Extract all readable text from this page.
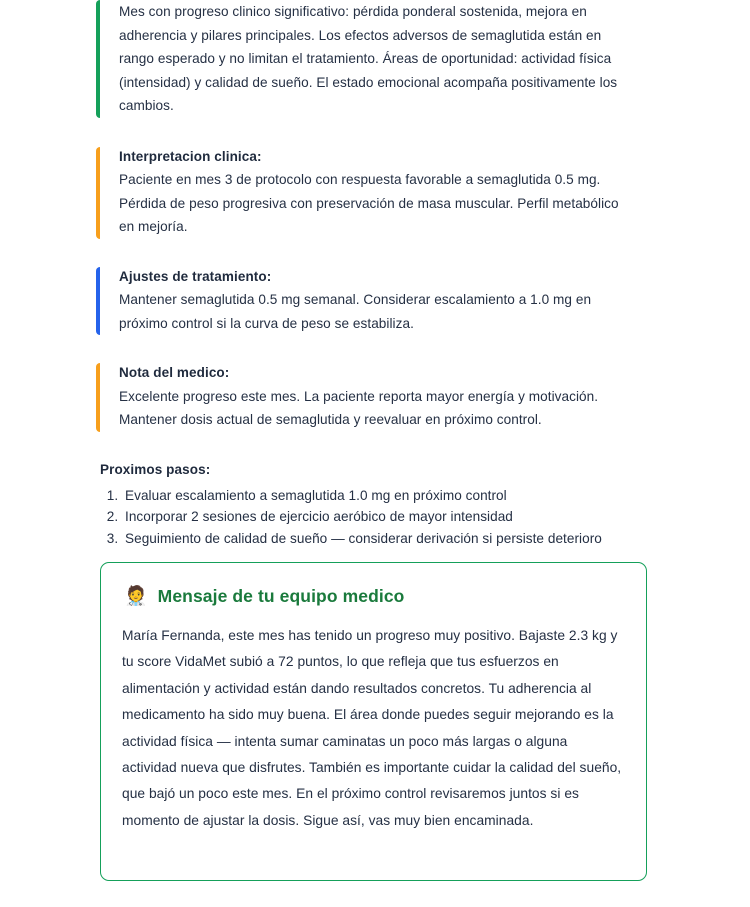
Mes con progreso clinico significativo: pérdida ponderal sostenida, mejora en adherencia y pilares principales. Los efectos adversos de semaglutida están en rango esperado y no limitan el tratamiento. Áreas de oportunidad: actividad física (intensidad) y calidad de sueño. El estado emocional acompaña positivamente los cambios.

Interpretacion clinica:

Paciente en mes 3 de protocolo con respuesta favorable a semaglutida 0.5 mg. Pérdida de peso progresiva con preservación de masa muscular. Perfil metabólico en mejoría.

Ajustes de tratamiento:

Mantener semaglutida 0.5 mg semanal. Considerar escalamiento a 1.0 mg en próximo control si la curva de peso se estabiliza.

Nota del medico:

Excelente progreso este mes. La paciente reporta mayor energía y motivación. Mantener dosis actual de semaglutida y reevaluar en próximo control.

Proximos pasos:
1. Evaluar escalamiento a semaglutida 1.0 mg en próximo control
2. Incorporar 2 sesiones de ejercicio aeróbico de mayor intensidad
3. Seguimiento de calidad de sueño — considerar derivación si persiste deterioro
🧑‍⚕️ Mensaje de tu equipo medico

María Fernanda, este mes has tenido un progreso muy positivo. Bajaste 2.3 kg y tu score VidaMet subió a 72 puntos, lo que refleja que tus esfuerzos en alimentación y actividad están dando resultados concretos. Tu adherencia al medicamento ha sido muy buena. El área donde puedes seguir mejorando es la actividad física — intenta sumar caminatas un poco más largas o alguna actividad nueva que disfrutes. También es importante cuidar la calidad del sueño, que bajó un poco este mes. En el próximo control revisaremos juntos si es momento de ajustar la dosis. Sigue así, vas muy bien encaminada.
